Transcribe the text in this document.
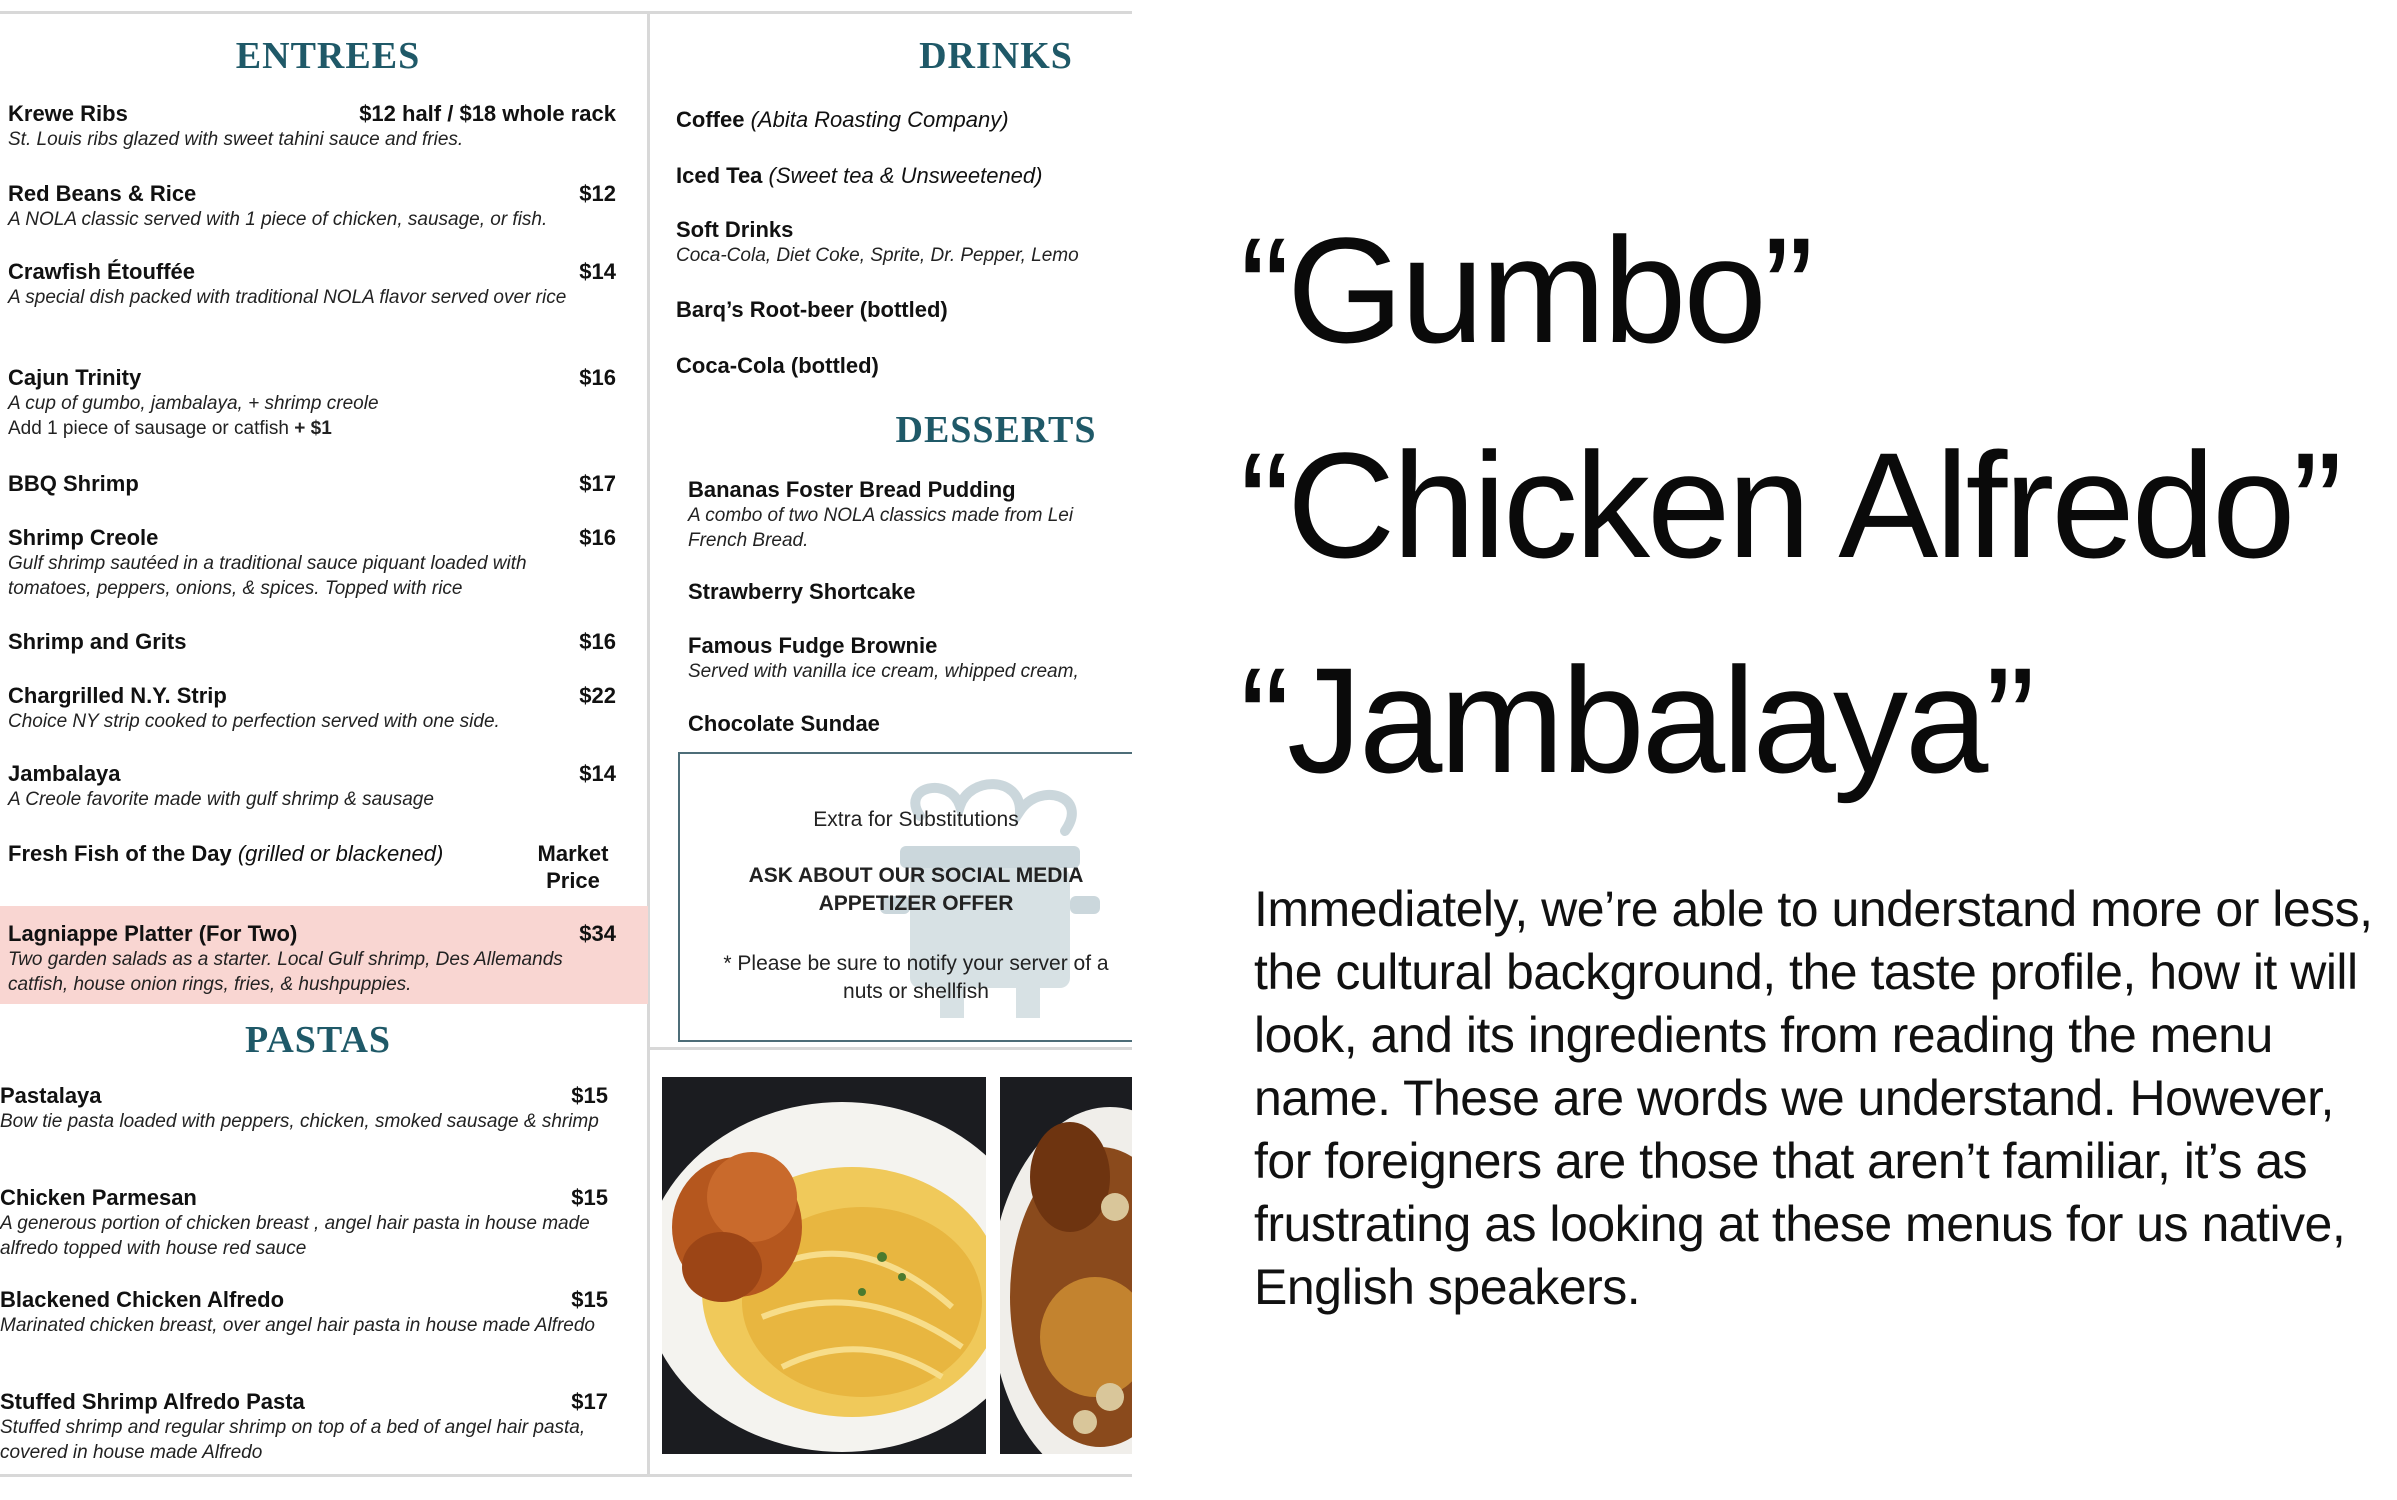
ENTREES
Krewe Ribs	$12 half / $18 whole rack
St. Louis ribs glazed with sweet tahini sauce and fries.
Red Beans & Rice	$12
A NOLA classic served with 1 piece of chicken, sausage, or fish.
Crawfish Étouffée	$14
A special dish packed with traditional NOLA flavor served over rice
Cajun Trinity	$16
A cup of gumbo, jambalaya, + shrimp creole
Add 1 piece of sausage or catfish + $1
BBQ Shrimp	$17
Shrimp Creole	$16
Gulf shrimp sautéed in a traditional sauce piquant loaded with tomatoes, peppers, onions, & spices. Topped with rice
Shrimp and Grits	$16
Chargrilled N.Y. Strip	$22
Choice NY strip cooked to perfection served with one side.
Jambalaya	$14
A Creole favorite made with gulf shrimp & sausage
Fresh Fish of the Day (grilled or blackened)	Market Price
Lagniappe Platter (For Two)	$34
Two garden salads as a starter. Local Gulf shrimp, Des Allemands catfish, house onion rings, fries, & hushpuppies.
PASTAS
Pastalaya	$15
Bow tie pasta loaded with peppers, chicken, smoked sausage & shrimp
Chicken Parmesan	$15
A generous portion of chicken breast , angel hair pasta in house made alfredo topped with house red sauce
Blackened Chicken Alfredo	$15
Marinated chicken breast, over angel hair pasta in house made Alfredo
Stuffed Shrimp Alfredo Pasta	$17
Stuffed shrimp and regular shrimp on top of a bed of angel hair pasta, covered in house made Alfredo
DRINKS
Coffee (Abita Roasting Company)
Iced Tea (Sweet tea & Unsweetened)
Soft Drinks
Coca-Cola, Diet Coke, Sprite, Dr. Pepper, Lemo
Barq’s Root-beer (bottled)
Coca-Cola (bottled)
DESSERTS
Bananas Foster Bread Pudding
A combo of two NOLA classics made from Lei
French Bread.
Strawberry Shortcake
Famous Fudge Brownie
Served with vanilla ice cream, whipped cream,
Chocolate Sundae
Extra for Substitutions
ASK ABOUT OUR SOCIAL MEDIA
APPETIZER OFFER
* Please be sure to notify your server of a
nuts or shellfish
“Gumbo”
“Chicken Alfredo”
“Jambalaya”
Immediately, we’re able to understand more or less, the cultural background, the taste profile, how it will look, and its ingredients from reading the menu name. These are words we understand. However, for foreigners are those that aren’t familiar, it’s as frustrating as looking at these menus for us native, English speakers.
